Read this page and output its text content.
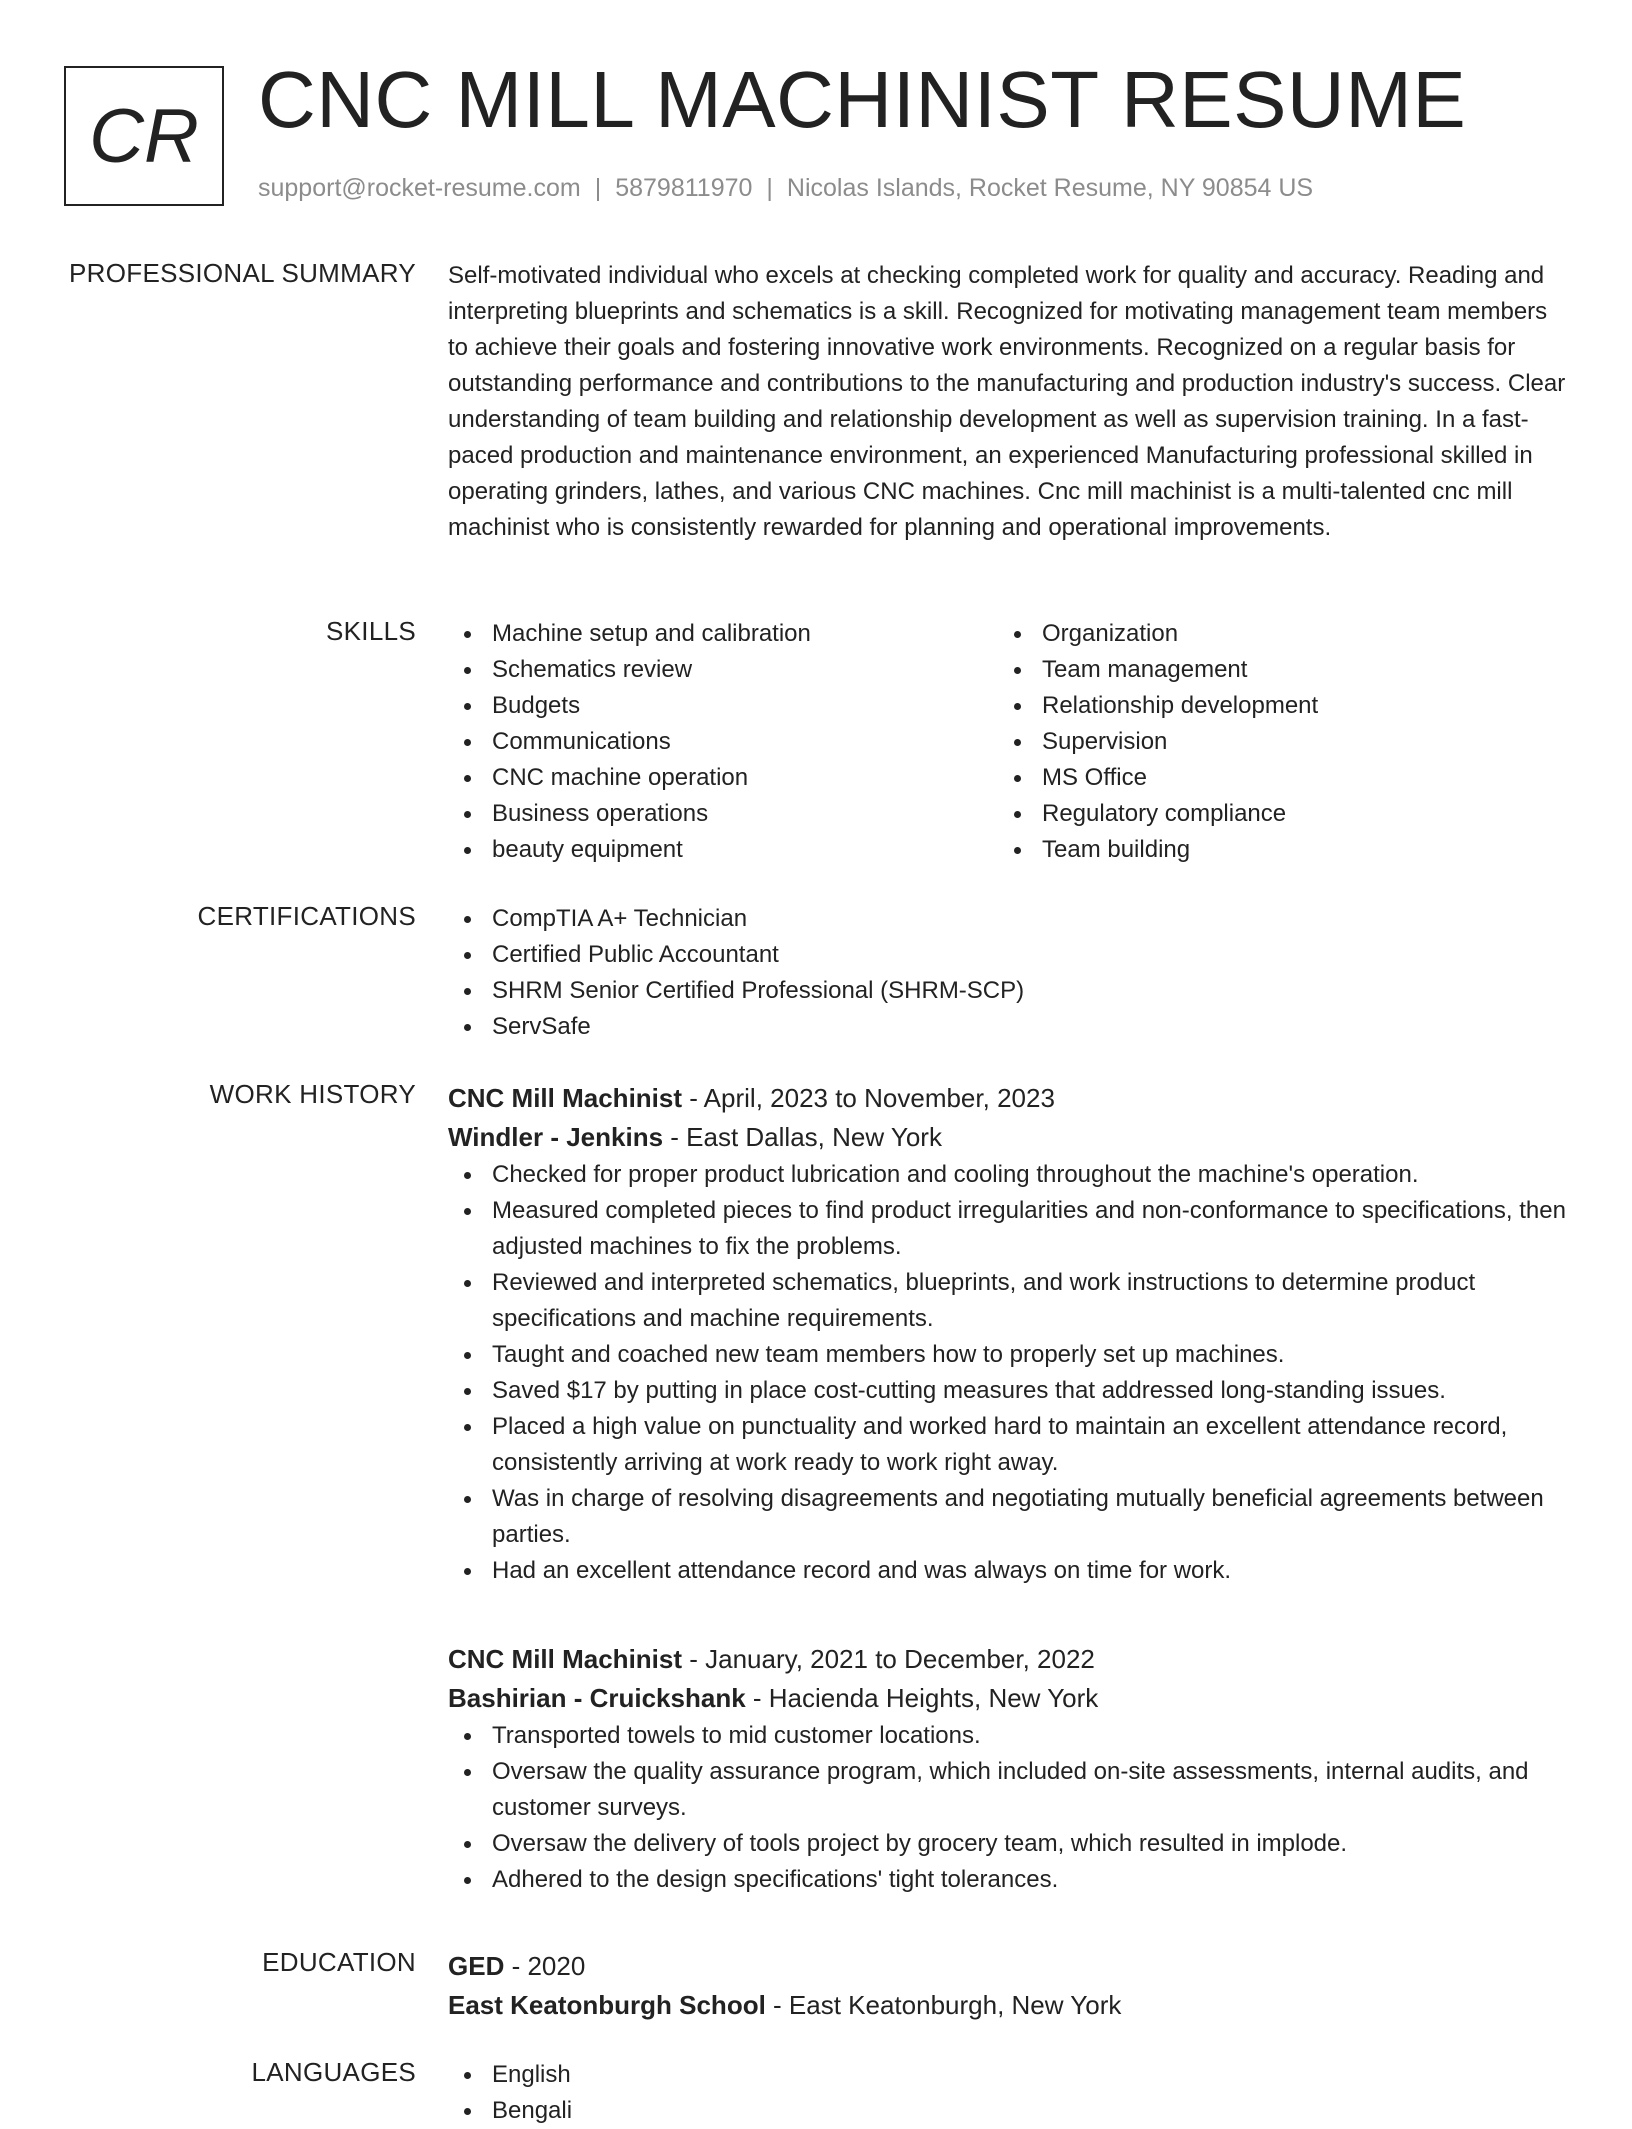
CR CNC MILL MACHINIST RESUME
support@rocket-resume.com | 5879811970 | Nicolas Islands, Rocket Resume, NY 90854 US
PROFESSIONAL SUMMARY Self-motivated individual who excels at checking completed work for quality and accuracy. Reading and interpreting blueprints and schematics is a skill. Recognized for motivating management team members to achieve their goals and fostering innovative work environments. Recognized on a regular basis for outstanding performance and contributions to the manufacturing and production industry's success. Clear understanding of team building and relationship development as well as supervision training. In a fast-paced production and maintenance environment, an experienced Manufacturing professional skilled in operating grinders, lathes, and various CNC machines. Cnc mill machinist is a multi-talented cnc mill machinist who is consistently rewarded for planning and operational improvements.

SKILLS	Machine setup and calibration
Schematics review
Budgets
Communications
CNC machine operation
Business operations
beauty equipment
Organization
Team management
Relationship development
Supervision
MS Office
Regulatory compliance
Team building
CERTIFICATIONS	CompTIA A+ Technician
Certified Public Accountant
SHRM Senior Certified Professional (SHRM-SCP)
ServSafe
WORK HISTORY CNC Mill Machinist - April, 2023 to November, 2023
Windler - Jenkins - East Dallas, New York
Checked for proper product lubrication and cooling throughout the machine's operation.
Measured completed pieces to find product irregularities and non-conformance to specifications, then adjusted machines to fix the problems.
Reviewed and interpreted schematics, blueprints, and work instructions to determine product specifications and machine requirements.
Taught and coached new team members how to properly set up machines.
Saved $17 by putting in place cost-cutting measures that addressed long-standing issues.
Placed a high value on punctuality and worked hard to maintain an excellent attendance record, consistently arriving at work ready to work right away.
Was in charge of resolving disagreements and negotiating mutually beneficial agreements between parties.
Had an excellent attendance record and was always on time for work.
CNC Mill Machinist - January, 2021 to December, 2022
Bashirian - Cruickshank - Hacienda Heights, New York
Transported towels to mid customer locations.
Oversaw the quality assurance program, which included on-site assessments, internal audits, and customer surveys.
Oversaw the delivery of tools project by grocery team, which resulted in implode.
Adhered to the design specifications' tight tolerances.
EDUCATION GED - 2020
East Keatonburgh School - East Keatonburgh, New York
LANGUAGES	English
Bengali
